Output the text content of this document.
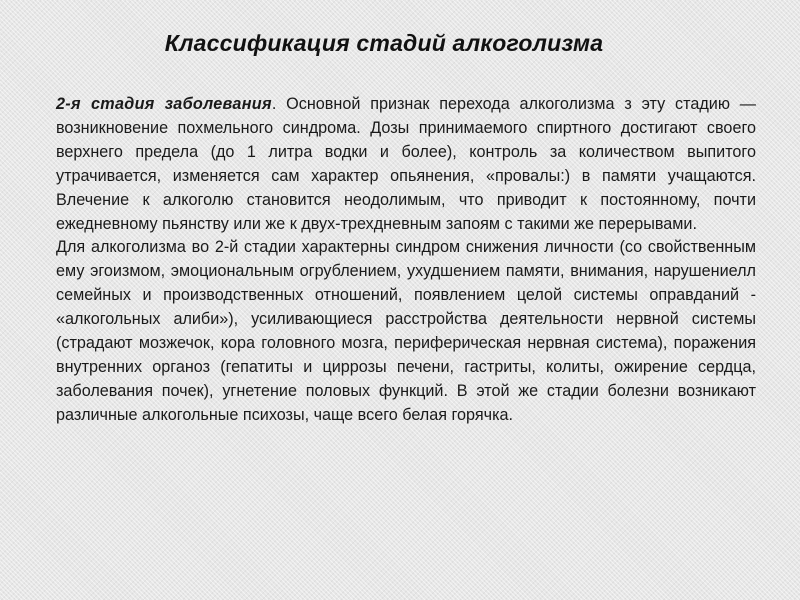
Классификация стадий алкоголизма

2-я стадия заболевания. Основной признак перехода алкоголизма з эту стадию — возникновение похмельного синдрома. Дозы принимаемого спиртного достигают своего верхнего предела (до 1 литра водки и более), контроль за количеством выпитого утрачивается, изменяется сам характер опьянения, «провалы:) в памяти учащаются. Влечение к алкоголю становится неодолимым, что приводит к постоянному, почти ежедневному пьянству или же к двух-трехдневным запоям с такими же перерывами.

Для алкоголизма во 2-й стадии характерны синдром снижения личности (со свойственным ему эгоизмом, эмоциональным огрублением, ухудшением памяти, внимания, нарушениелл семейных и производственных отношений, появлением целой системы оправданий - «алкогольных алиби»), усиливающиеся расстройства деятельности нервной системы (страдают мозжечок, кора головного мозга, периферическая нервная система), поражения внутренних органоз (гепатиты и циррозы печени, гастриты, колиты, ожирение сердца, заболевания почек), угнетение половых функций. В этой же стадии болезни возникают различные алкогольные психозы, чаще всего белая горячка.
